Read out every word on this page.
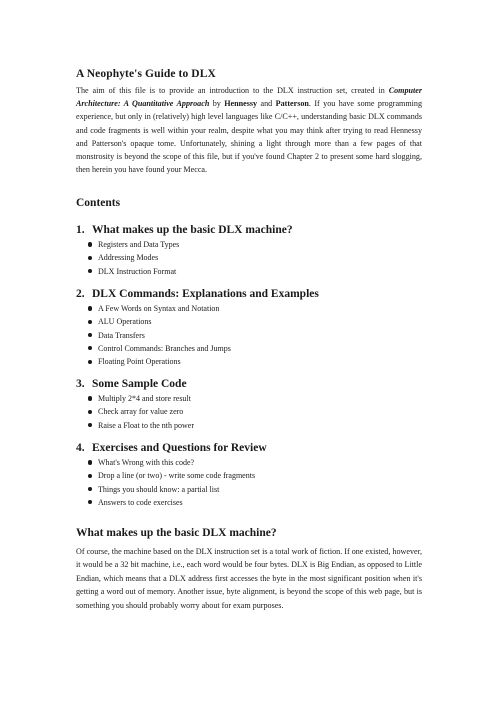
A Neophyte's Guide to DLX

The aim of this file is to provide an introduction to the DLX instruction set, created in Computer Architecture: A Quantitative Approach by Hennessy and Patterson. If you have some programming experience, but only in (relatively) high level languages like C/C++, understanding basic DLX commands and code fragments is well within your realm, despite what you may think after trying to read Hennessy and Patterson's opaque tome. Unfortunately, shining a light through more than a few pages of that monstrosity is beyond the scope of this file, but if you've found Chapter 2 to present some hard slogging, then herein you have found your Mecca.

Contents
1. What makes up the basic DLX machine?
Registers and Data Types
Addressing Modes
DLX Instruction Format
2. DLX Commands: Explanations and Examples
A Few Words on Syntax and Notation
ALU Operations
Data Transfers
Control Commands: Branches and Jumps
Floating Point Operations
3. Some Sample Code
Multiply 2*4 and store result
Check array for value zero
Raise a Float to the nth power
4. Exercises and Questions for Review
What's Wrong with this code?
Drop a line (or two) - write some code fragments
Things you should know: a partial list
Answers to code exercises
What makes up the basic DLX machine?

Of course, the machine based on the DLX instruction set is a total work of fiction. If one existed, however, it would be a 32 bit machine, i.e., each word would be four bytes. DLX is Big Endian, as opposed to Little Endian, which means that a DLX address first accesses the byte in the most significant position when it's getting a word out of memory. Another issue, byte alignment, is beyond the scope of this web page, but is something you should probably worry about for exam purposes.
